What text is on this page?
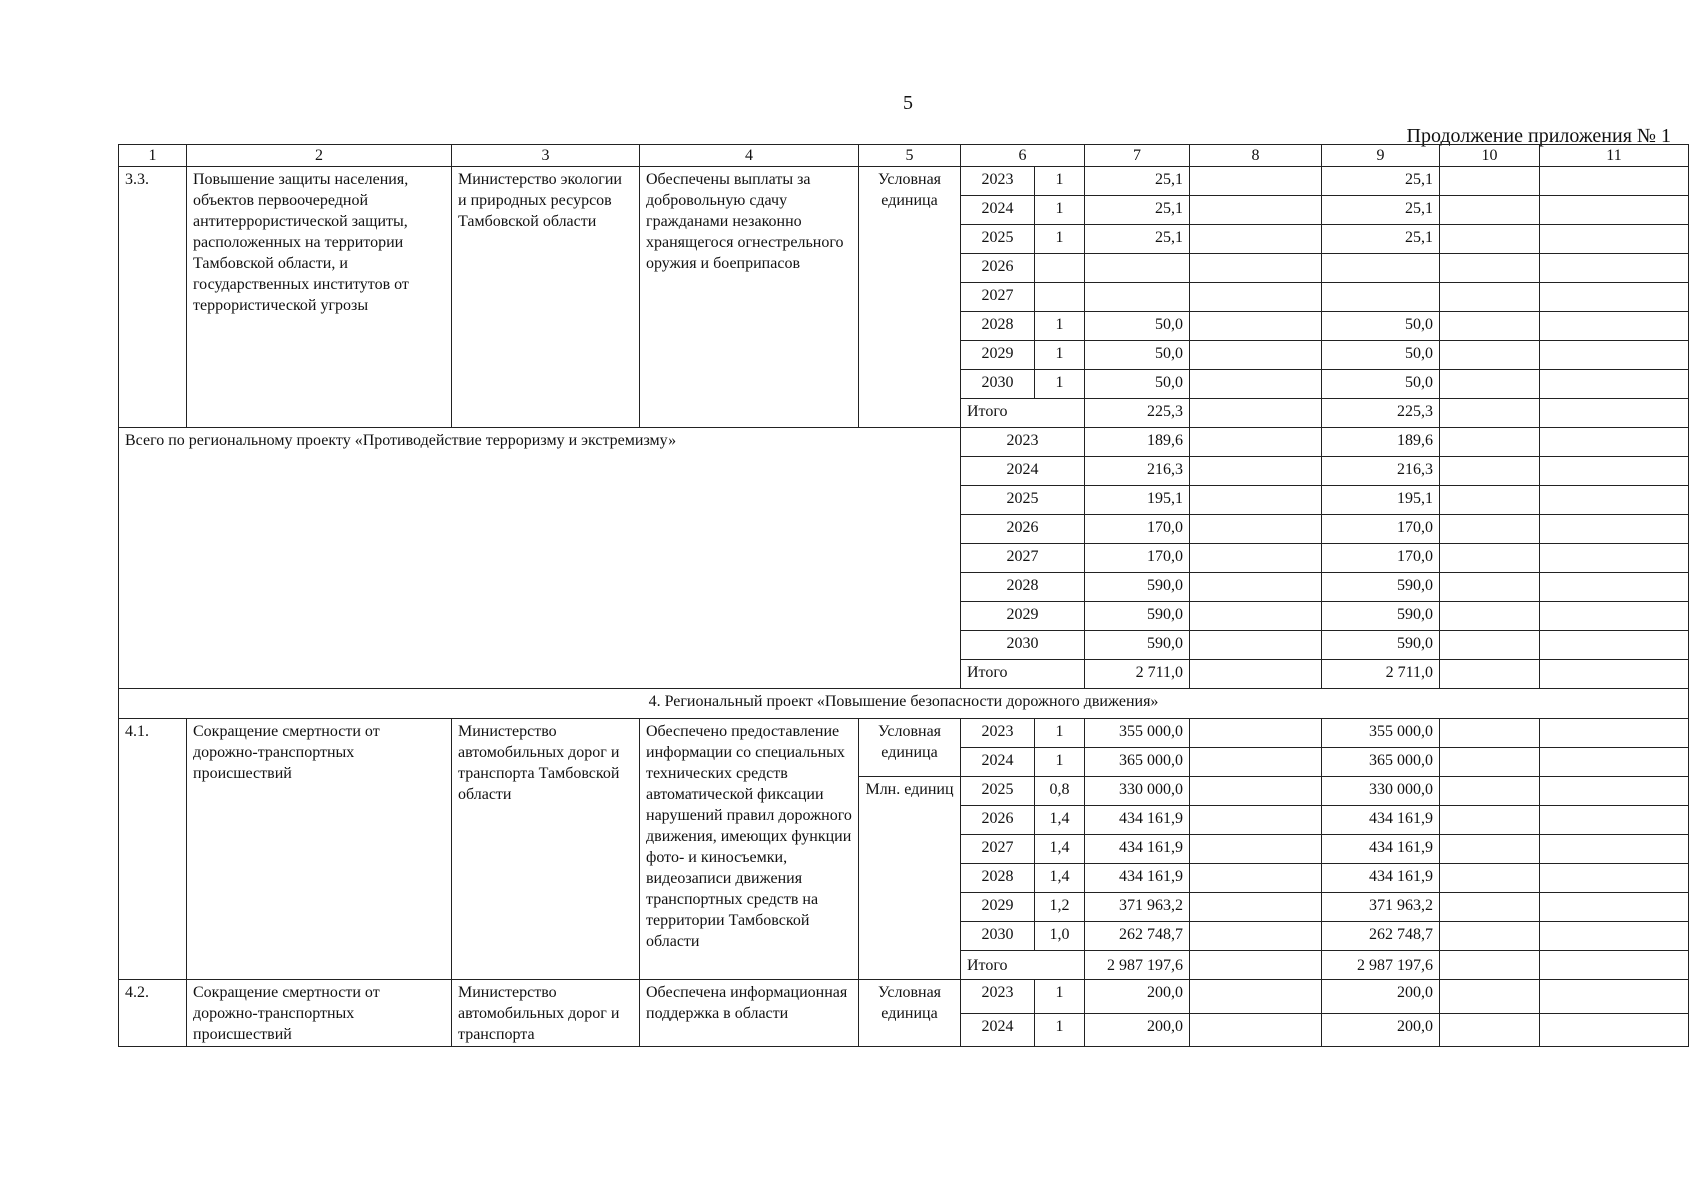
5
Продолжение приложения № 1
1	2	3	4	5	6		7	8	9	10	11
3.3.	Повышение защиты населения, объектов первоочередной антитеррористической защиты, расположенных на территории Тамбовской области, и государственных институтов от террористической угрозы	Министерство экологии и природных ресурсов Тамбовской области	Обеспечены выплаты за добровольную сдачу гражданами незаконно хранящегося огнестрельного оружия и боеприпасов	Условная единица	2023	1	25,1		25,1		
					2024	1	25,1		25,1		
					2025	1	25,1		25,1		
					2026						
					2027						
					2028	1	50,0		50,0		
					2029	1	50,0		50,0		
					2030	1	50,0		50,0		
					Итого		225,3		225,3		
Всего по региональному проекту «Противодействие терроризму и экстремизму»					2023		189,6		189,6		
					2024		216,3		216,3		
					2025		195,1		195,1		
					2026		170,0		170,0		
					2027		170,0		170,0		
					2028		590,0		590,0		
					2029		590,0		590,0		
					2030		590,0		590,0		
					Итого		2 711,0		2 711,0		
4. Региональный проект «Повышение безопасности дорожного движения»											
4.1.	Сокращение смертности от дорожно-транспортных происшествий	Министерство автомобильных дорог и транспорта Тамбовской области	Обеспечено предоставление информации со специальных технических средств автоматической фиксации нарушений правил дорожного движения, имеющих функции фото- и киносъемки, видеозаписи движения транспортных средств на территории Тамбовской области	Условная единица	2023	1	355 000,0		355 000,0		
					2024	1	365 000,0		365 000,0		
				Млн. единиц	2025	0,8	330 000,0		330 000,0		
					2026	1,4	434 161,9		434 161,9		
					2027	1,4	434 161,9		434 161,9		
					2028	1,4	434 161,9		434 161,9		
					2029	1,2	371 963,2		371 963,2		
					2030	1,0	262 748,7		262 748,7		
					Итого		2 987 197,6		2 987 197,6		
4.2.	Сокращение смертности от дорожно-транспортных происшествий	Министерство автомобильных дорог и транспорта	Обеспечена информационная поддержка в области	Условная единица	2023	1	200,0		200,0		
					2024	1	200,0		200,0		
